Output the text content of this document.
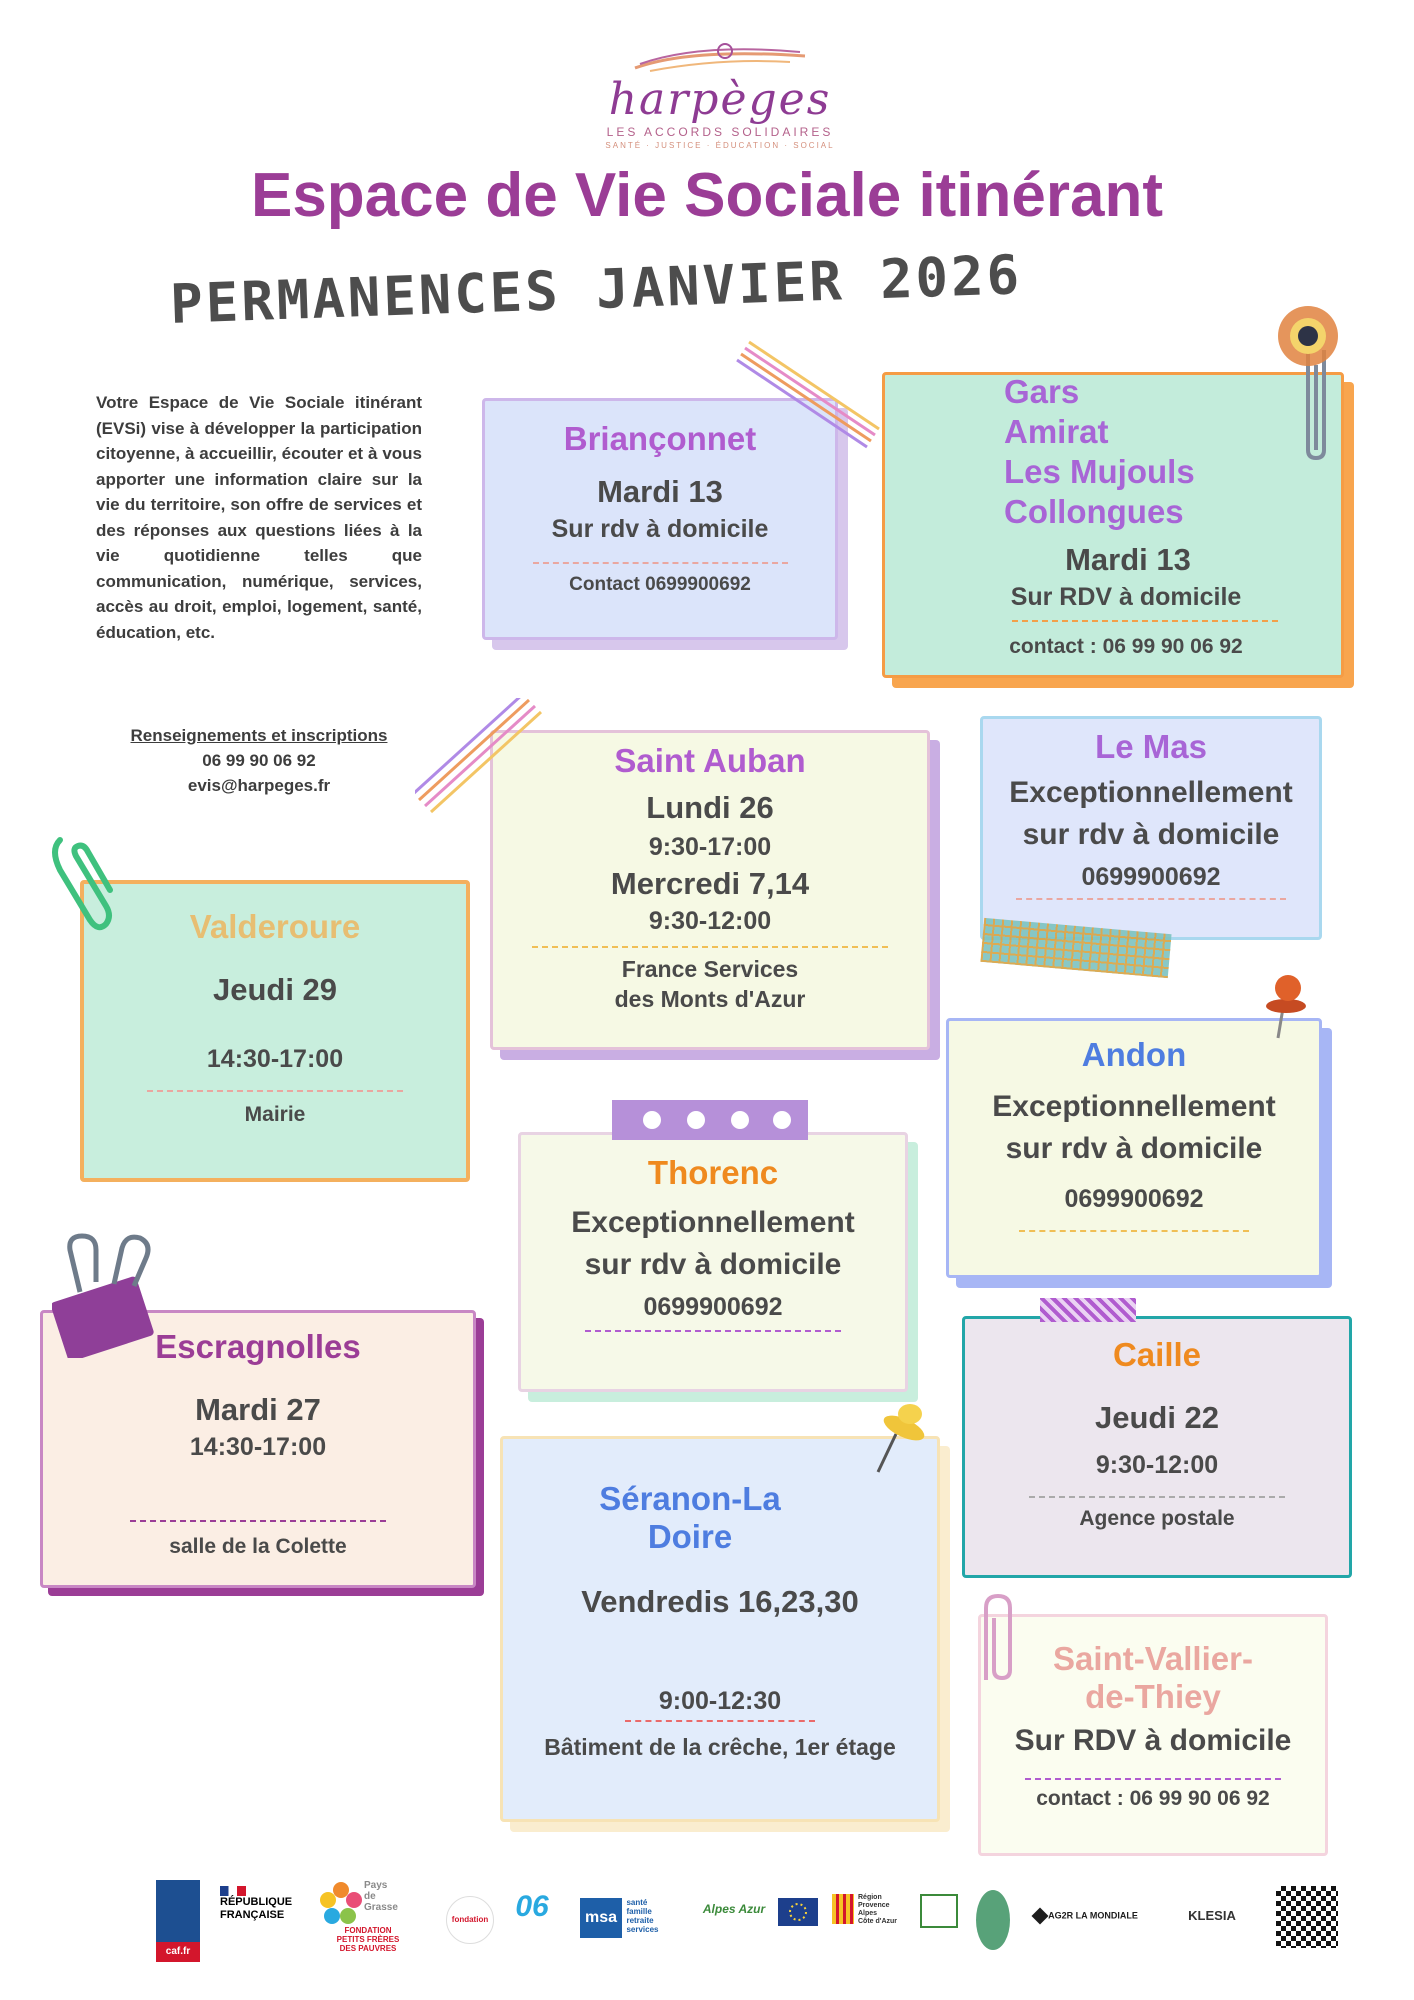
harpèges
LES ACCORDS SOLIDAIRES
SANTÉ · JUSTICE · ÉDUCATION · SOCIAL
Espace de Vie Sociale itinérant
PERMANENCES JANVIER 2026
Votre Espace de Vie Sociale itinérant (EVSi) vise à développer la participation citoyenne, à accueillir, écouter et à vous apporter une information claire sur la vie du territoire, son offre de services et des réponses aux questions liées à la vie quotidienne telles que communication, numérique, services, accès au droit, emploi, logement, santé, éducation, etc.
Renseignements et inscriptions
06 99 90 06 92
evis@harpeges.fr
Briançonnet
Mardi 13
Sur rdv à domicile
Contact 0699900692
Gars
Amirat
Les Mujouls
Collongues
Mardi 13
Sur RDV à domicile
contact : 06 99 90 06 92
Saint Auban
Lundi 26
9:30-17:00
Mercredi 7,14
9:30-12:00
France Services
des Monts d'Azur
Le Mas
Exceptionnellement
sur rdv à domicile
0699900692
Valderoure
Jeudi 29
14:30-17:00
Mairie
Andon
Exceptionnellement
sur rdv à domicile
0699900692
Thorenc
Exceptionnellement
sur rdv à domicile
0699900692
Escragnolles
Mardi 27
14:30-17:00
salle de la Colette
Caille
Jeudi 22
9:30-12:00
Agence postale
Séranon-La
Doire
Vendredis 16,23,30
9:00-12:30
Bâtiment de la crêche, 1er étage
Saint-Vallier-
de-Thiey
Sur RDV à domicile
contact : 06 99 90 06 92
caf.fr
RÉPUBLIQUE
FRANÇAISE
Pays
de
Grasse
FONDATION
PETITS FRÈRES
DES PAUVRES
fondation 06	msa
santé
famille
retraite
services
Alpes Azur
Région
Provence
Alpes
Côte d'Azur
AG2R LA MONDIALE	KLESIA
